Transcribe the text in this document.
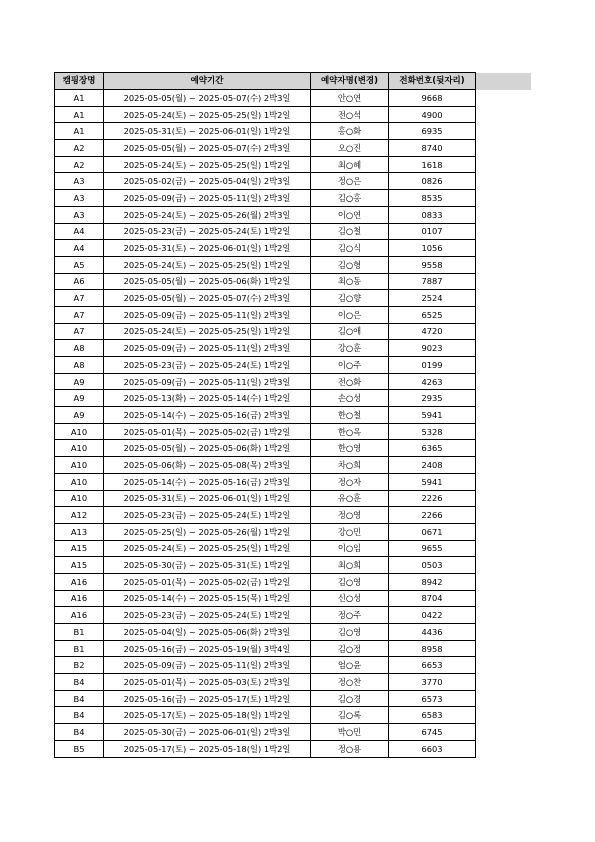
캠핑장명	예약기간	예약자명(변경)	전화번호(뒷자리)	
A1	2025-05-05(월) ~ 2025-05-07(수) 2박3일	안○연	9668	
A1	2025-05-24(토) ~ 2025-05-25(일) 1박2일	전○석	4900	
A1	2025-05-31(토) ~ 2025-06-01(일) 1박2일	홍○화	6935	
A2	2025-05-05(월) ~ 2025-05-07(수) 2박3일	오○진	8740	
A2	2025-05-24(토) ~ 2025-05-25(일) 1박2일	최○혜	1618	
A3	2025-05-02(금) ~ 2025-05-04(일) 2박3일	정○은	0826	
A3	2025-05-09(금) ~ 2025-05-11(일) 2박3일	김○홍	8535	
A3	2025-05-24(토) ~ 2025-05-26(월) 2박3일	이○연	0833	
A4	2025-05-23(금) ~ 2025-05-24(토) 1박2일	김○철	0107	
A4	2025-05-31(토) ~ 2025-06-01(일) 1박2일	김○식	1056	
A5	2025-05-24(토) ~ 2025-05-25(일) 1박2일	김○형	9558	
A6	2025-05-05(월) ~ 2025-05-06(화) 1박2일	최○동	7887	
A7	2025-05-05(월) ~ 2025-05-07(수) 2박3일	김○향	2524	
A7	2025-05-09(금) ~ 2025-05-11(일) 2박3일	이○은	6525	
A7	2025-05-24(토) ~ 2025-05-25(일) 1박2일	김○애	4720	
A8	2025-05-09(금) ~ 2025-05-11(일) 2박3일	강○훈	9023	
A8	2025-05-23(금) ~ 2025-05-24(토) 1박2일	이○주	0199	
A9	2025-05-09(금) ~ 2025-05-11(일) 2박3일	전○화	4263	
A9	2025-05-13(화) ~ 2025-05-14(수) 1박2일	손○성	2935	
A9	2025-05-14(수) ~ 2025-05-16(금) 2박3일	한○철	5941	
A10	2025-05-01(목) ~ 2025-05-02(금) 1박2일	한○옥	5328	
A10	2025-05-05(월) ~ 2025-05-06(화) 1박2일	한○영	6365	
A10	2025-05-06(화) ~ 2025-05-08(목) 2박3일	차○희	2408	
A10	2025-05-14(수) ~ 2025-05-16(금) 2박3일	정○자	5941	
A10	2025-05-31(토) ~ 2025-06-01(일) 1박2일	유○훈	2226	
A12	2025-05-23(금) ~ 2025-05-24(토) 1박2일	정○영	2266	
A13	2025-05-25(일) ~ 2025-05-26(월) 1박2일	강○민	0671	
A15	2025-05-24(토) ~ 2025-05-25(일) 1박2일	이○임	9655	
A15	2025-05-30(금) ~ 2025-05-31(토) 1박2일	최○희	0503	
A16	2025-05-01(목) ~ 2025-05-02(금) 1박2일	김○영	8942	
A16	2025-05-14(수) ~ 2025-05-15(목) 1박2일	신○성	8704	
A16	2025-05-23(금) ~ 2025-05-24(토) 1박2일	정○주	0422	
B1	2025-05-04(일) ~ 2025-05-06(화) 2박3일	김○영	4436	
B1	2025-05-16(금) ~ 2025-05-19(월) 3박4일	김○정	8958	
B2	2025-05-09(금) ~ 2025-05-11(일) 2박3일	엄○윤	6653	
B4	2025-05-01(목) ~ 2025-05-03(토) 2박3일	정○찬	3770	
B4	2025-05-16(금) ~ 2025-05-17(토) 1박2일	김○경	6573	
B4	2025-05-17(토) ~ 2025-05-18(일) 1박2일	김○록	6583	
B4	2025-05-30(금) ~ 2025-06-01(일) 2박3일	박○민	6745	
B5	2025-05-17(토) ~ 2025-05-18(일) 1박2일	정○용	6603	
